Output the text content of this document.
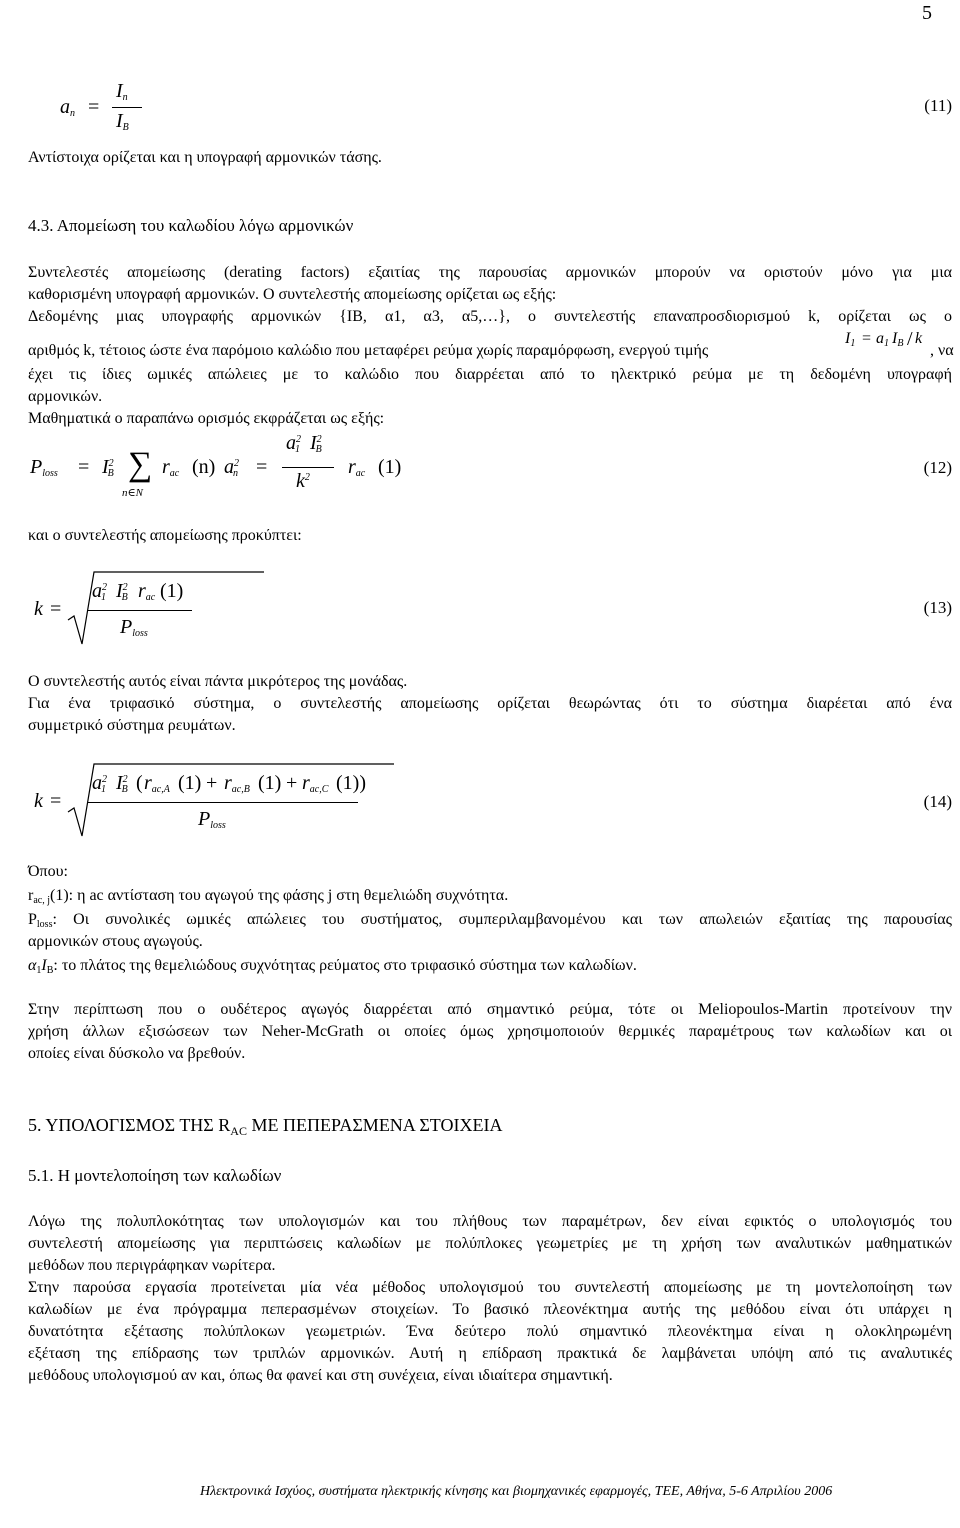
5
$a_n$ =
$I_n$
$I_B$
(11)
Αντίστοιχα ορίζεται και η υπογραφή αρμονικών τάσης.
4.3. Απομείωση του καλωδίου λόγω αρμονικών
Συντελεστές απομείωσης (derating factors) εξαιτίας της παρουσίας αρμονικών μπορούν να οριστούν μόνο για μια
καθορισμένη υπογραφή αρμονικών. Ο συντελεστής απομείωσης ορίζεται ως εξής:
Δεδομένης μιας υπογραφής αρμονικών {ΙΒ, α1, α3, α5,…}, ο συντελεστής επαναπροσδιορισμού k, ορίζεται ως ο
αριθμός k, τέτοιος ώστε ένα παρόμοιο καλώδιο που μεταφέρει ρεύμα χωρίς παραμόρφωση, ενεργού τιμής
$I_1 = a_1$ $I_B$ / k
, να
έχει τις ίδιες ωμικές απώλειες με το καλώδιο που διαρρέεται από το ηλεκτρικό ρεύμα με τη δεδομένη υπογραφή
αρμονικών.
Μαθηματικά ο παραπάνω ορισμός εκφράζεται ως εξής:
$P_{loss} = I^2_B$ ∑
n∈N
$r_{ac}$ (n) $a^2_n$ =
$a^2_1$ $I^2_B$
$k^2$ $r_{ac}$ (1)	(12)
και ο συντελεστής απομείωσης προκύπτει:
k =
$a^2_1$ $I^2_B$ $r_{ac}$ (1)
$P_{loss}$
(13)
Ο συντελεστής αυτός είναι πάντα μικρότερος της μονάδας.
Για ένα τριφασικό σύστημα, ο συντελεστής απομείωσης ορίζεται θεωρώντας ότι το σύστημα διαρέεται από ένα
συμμετρικό σύστημα ρευμάτων.
k =
$a^2_1$ $I^2_B$ ( $r_{ac,A}$ $(1) + r_{ac,B}$ $(1) + r_{ac,C}$ (1))
$P_{loss}$
(14)
Όπου:
$r_{ac, j}(1)$: η ac αντίσταση του αγωγού της φάσης j στη θεμελιώδη συχνότητα.
$P_{loss}$: Οι συνολικές ωμικές απώλειες του συστήματος, συμπεριλαμβανομένου και των απωλειών εξαιτίας της παρουσίας
αρμονικών στους αγωγούς.
$\alpha_1I_B$: το πλάτος της θεμελιώδους συχνότητας ρεύματος στο τριφασικό σύστημα των καλωδίων.
Στην περίπτωση που ο ουδέτερος αγωγός διαρρέεται από σημαντικό ρεύμα, τότε οι Meliopoulos-Martin προτείνουν την
χρήση άλλων εξισώσεων των Neher-McGrath οι οποίες όμως χρησιμοποιούν θερμικές παραμέτρους των καλωδίων και οι
οποίες είναι δύσκολο να βρεθούν.
5. ΥΠΟΛΟΓΙΣΜΟΣ ΤΗΣ $R_{AC}$ ΜΕ ΠΕΠΕΡΑΣΜΕΝΑ ΣΤΟΙΧΕΙΑ
5.1. Η μοντελοποίηση των καλωδίων
Λόγω της πολυπλοκότητας των υπολογισμών και του πλήθους των παραμέτρων, δεν είναι εφικτός ο υπολογισμός του
συντελεστή απομείωσης για περιπτώσεις καλωδίων με πολύπλοκες γεωμετρίες με τη χρήση των αναλυτικών μαθηματικών
μεθόδων που περιγράφηκαν νωρίτερα.
Στην παρούσα εργασία προτείνεται μία νέα μέθοδος υπολογισμού του συντελεστή απομείωσης με τη μοντελοποίηση των
καλωδίων με ένα πρόγραμμα πεπερασμένων στοιχείων. Το βασικό πλεονέκτημα αυτής της μεθόδου είναι ότι υπάρχει η
δυνατότητα εξέτασης πολύπλοκων γεωμετριών. Ένα δεύτερο πολύ σημαντικό πλεονέκτημα είναι η ολοκληρωμένη
εξέταση της επίδρασης των τριπλών αρμονικών. Αυτή η επίδραση πρακτικά δε λαμβάνεται υπόψη από τις αναλυτικές
μεθόδους υπολογισμού αν και, όπως θα φανεί και στη συνέχεια, είναι ιδιαίτερα σημαντική.
Ηλεκτρονικά Ισχύος, συστήματα ηλεκτρικής κίνησης και βιομηχανικές εφαρμογές, ΤΕΕ, Αθήνα, 5-6 Απριλίου 2006
